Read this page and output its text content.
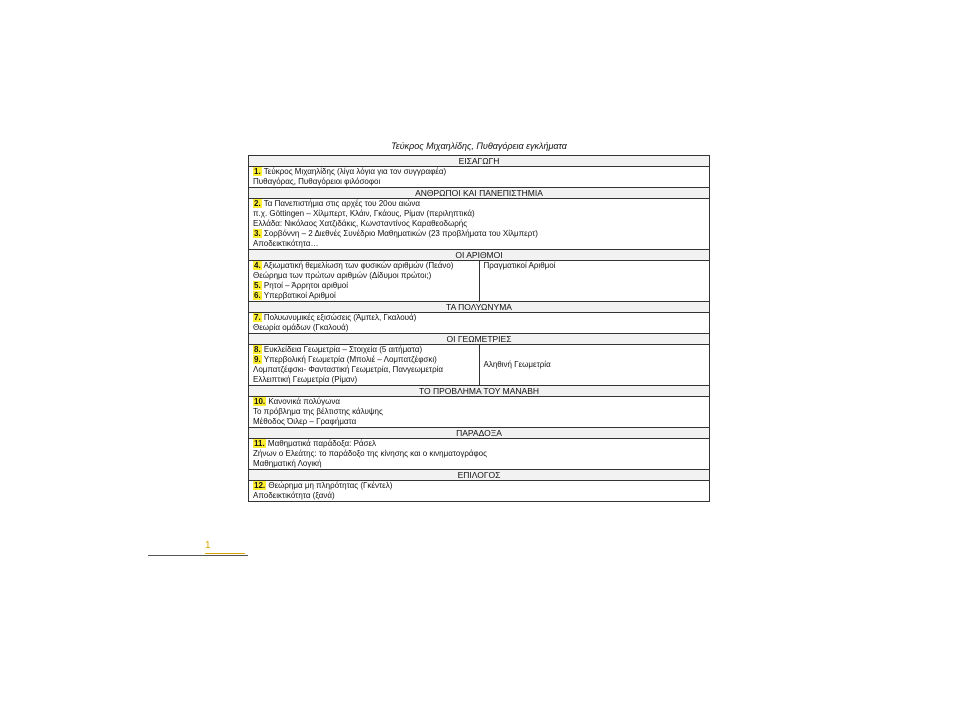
Τεύκρος Μιχαηλίδης, Πυθαγόρεια εγκλήματα
ΕΙΣΑΓΩΓΗ	

1. Τεύκρος Μιχαηλίδης (λίγα λόγια για τον συγγραφέα)
Πυθαγόρας, Πυθαγόρειοι φιλόσοφοι	

ΑΝΘΡΩΠΟΙ ΚΑΙ ΠΑΝΕΠΙΣΤΗΜΙΑ	

2. Τα Πανεπιστήμια στις αρχές του 20ου αιώνα
π.χ. Göttingen – Χίλμπερτ, Κλάιν, Γκάους, Ρίμαν (περιληπτικά)
Ελλάδα: Νικόλαος Χατζιδάκις, Κωνσταντίνος Καραθεοδωρής
3. Σορβόννη – 2 Διεθνές Συνέδριο Μαθηματικών (23 προβλήματα του Χίλμπερτ)
Αποδεικτικότητα…	

ΟΙ ΑΡΙΘΜΟΙ	

4. Αξιωματική θεμελίωση των φυσικών αριθμών (Πεάνο)
Θεώρημα των πρώτων αριθμών (Δίδυμοι πρώτοι;)
5. Ρητοί – Άρρητοι αριθμοί
6. Υπερβατικοί Αριθμοί	Πραγματικοί Αριθμοί
ΤΑ ΠΟΛΥΩΝΥΜΑ	

7. Πολυωνυμικές εξισώσεις (Άμπελ, Γκαλουά)
Θεωρία ομάδων (Γκαλουά)	

ΟΙ ΓΕΩΜΕΤΡΙΕΣ	

8. Ευκλείδεια Γεωμετρία – Στοιχεία (5 αιτήματα)
9. Υπερβολική Γεωμετρία (Μπολιέ – Λομπατζέφσκι)
Λομπατζέφσκι- Φανταστική Γεωμετρία, Πανγεωμετρία
Ελλειπτική Γεωμετρία (Ρίμαν)	Αληθινή Γεωμετρία
ΤΟ ΠΡΟΒΛΗΜΑ ΤΟΥ ΜΑΝΑΒΗ	

10. Κανονικά πολύγωνα
Το πρόβλημα της βέλτιστης κάλυψης
Μέθοδος Όιλερ – Γραφήματα	

ΠΑΡΑΔΟΞΑ	

11. Μαθηματικά παράδοξα: Ράσελ
Ζήνων ο Ελεάτης: το παράδοξο της κίνησης και ο κινηματογράφος
Μαθηματική Λογική	

ΕΠΙΛΟΓΟΣ	

12. Θεώρημα μη πληρότητας (Γκέντελ)
Αποδεικτικότητα (ξανά)	
1
